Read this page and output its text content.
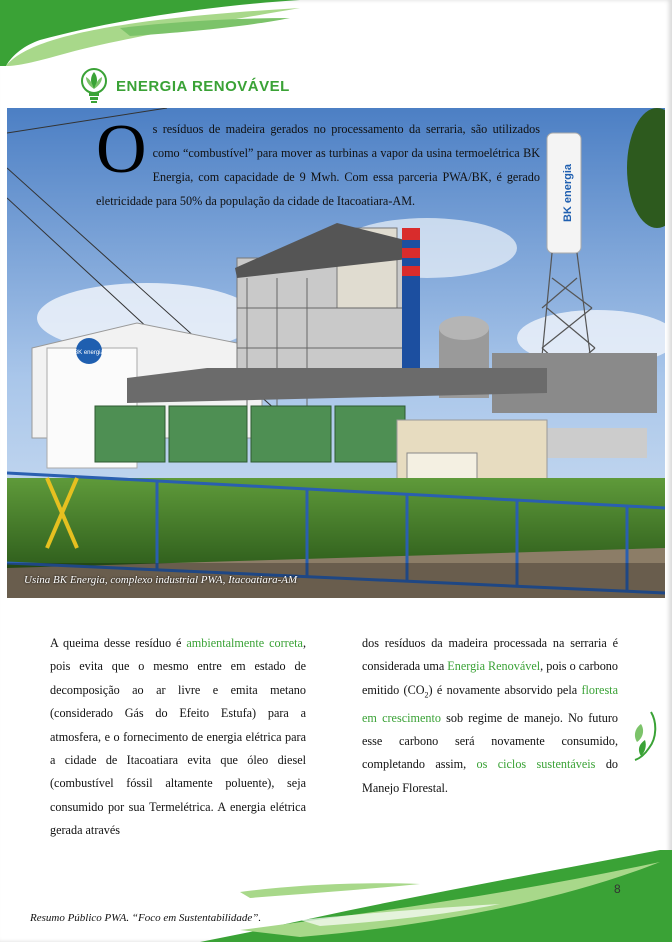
ENERGIA RENOVÁVEL
BK energia
BK energia
Os resíduos de madeira gerados no processamento da serraria, são utilizados como “combustível” para mover as turbinas a vapor da usina termoelétrica BK Energia, com capacidade de 9 Mwh. Com essa parceria PWA/BK, é gerado eletricidade para 50% da população da cidade de Itacoatiara-AM.
Usina BK Energia, complexo industrial PWA, Itacoatiara-AM
A queima desse resíduo é ambientalmente correta, pois evita que o mesmo entre em estado de decomposição ao ar livre e emita metano (considerado Gás do Efeito Estufa) para a atmosfera, e o fornecimento de energia elétrica para a cidade de Itacoatiara evita que óleo diesel (combustível fóssil altamente poluente), seja consumido por sua Termelétrica. A energia elétrica gerada através
dos resíduos da madeira processada na serraria é considerada uma Energia Renovável, pois o carbono emitido $(CO_2)$ é novamente absorvido pela floresta em crescimento sob regime de manejo. No futuro esse carbono será novamente consumido, completando assim, os ciclos sustentáveis do Manejo Florestal.
8
Resumo Público PWA. “Foco em Sustentabilidade”.
